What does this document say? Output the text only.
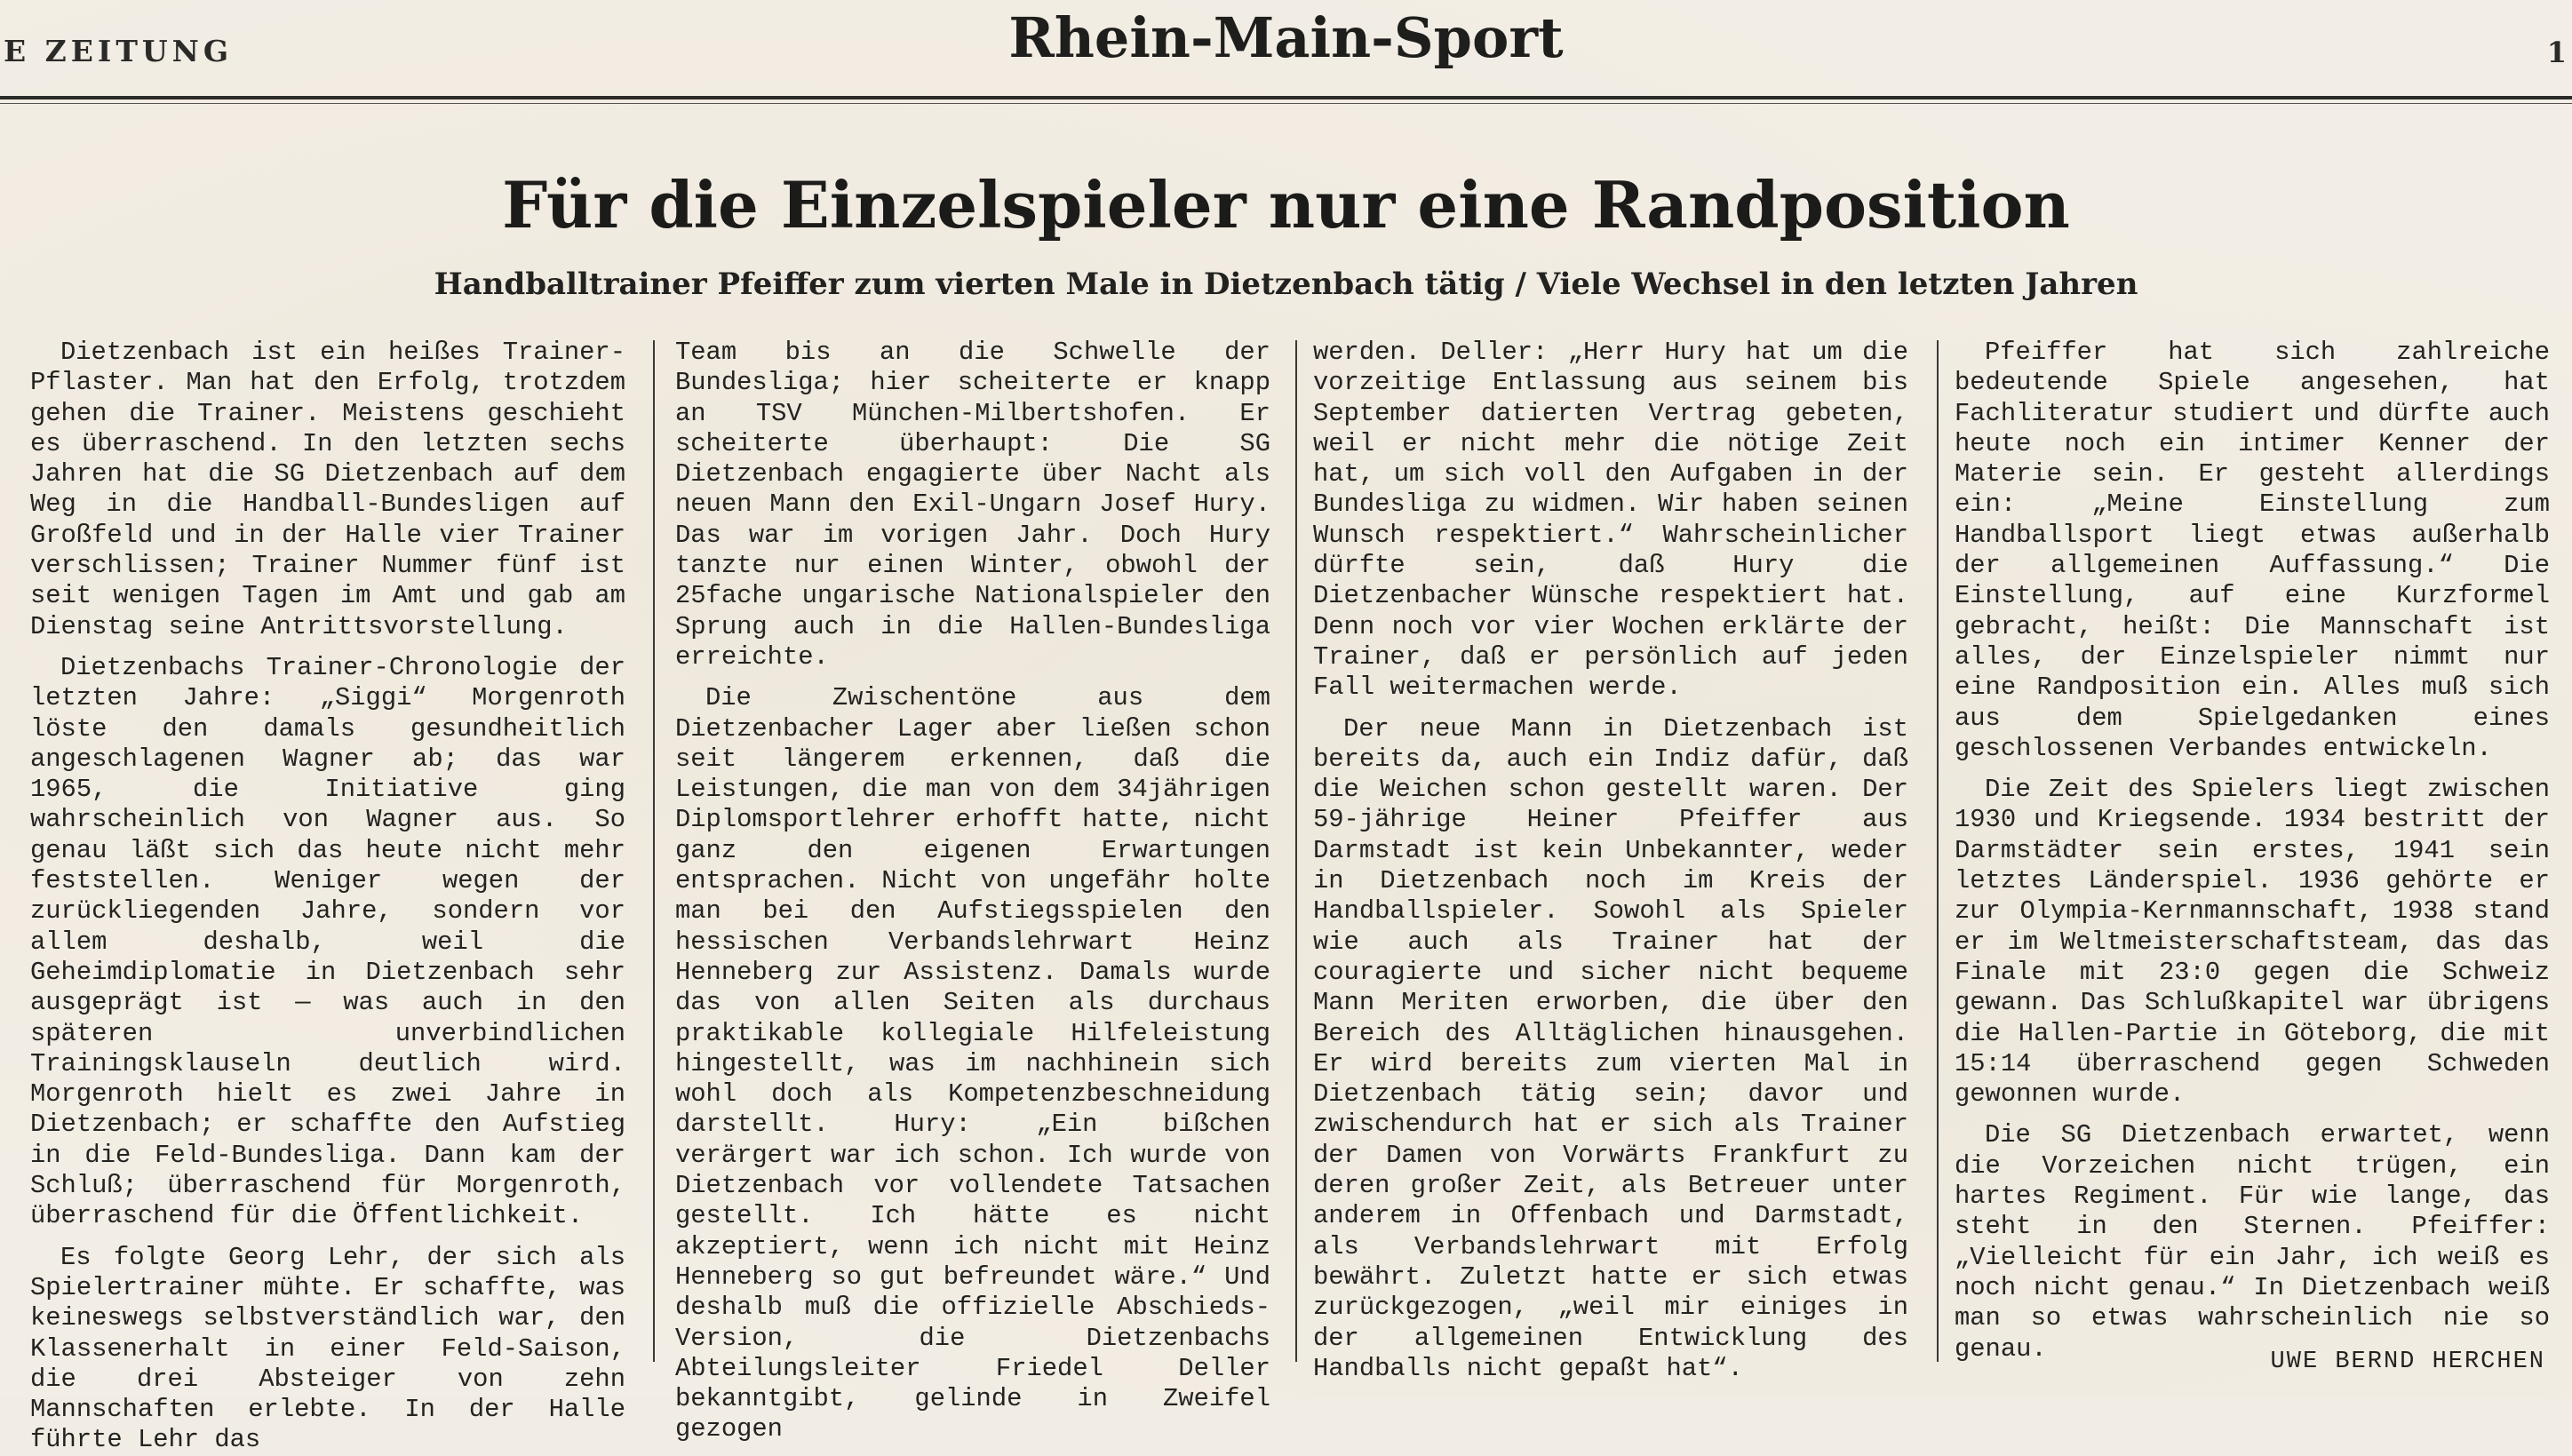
E ZEITUNG	Rhein-Main-Sport	1
Für die Einzelspieler nur eine Randposition
Handballtrainer Pfeiffer zum vierten Male in Dietzenbach tätig / Viele Wechsel in den letzten Jahren

Dietzenbach ist ein heißes Trainer-Pflaster. Man hat den Erfolg, trotzdem gehen die Trainer. Meistens geschieht es überraschend. In den letzten sechs Jahren hat die SG Dietzenbach auf dem Weg in die Handball-Bundesligen auf Großfeld und in der Halle vier Trainer verschlissen; Trainer Nummer fünf ist seit wenigen Tagen im Amt und gab am Dienstag seine Antrittsvorstellung.

Dietzenbachs Trainer-Chronologie der letzten Jahre: „Siggi“ Morgenroth löste den damals gesundheitlich angeschlagenen Wagner ab; das war 1965, die Initiative ging wahrscheinlich von Wagner aus. So genau läßt sich das heute nicht mehr feststellen. Weniger wegen der zurückliegenden Jahre, sondern vor allem deshalb, weil die Geheimdiplomatie in Dietzenbach sehr ausgeprägt ist — was auch in den späteren unverbindlichen Trainingsklauseln deutlich wird. Morgenroth hielt es zwei Jahre in Dietzenbach; er schaffte den Aufstieg in die Feld-Bundesliga. Dann kam der Schluß; überraschend für Morgenroth, überraschend für die Öffentlichkeit.

Es folgte Georg Lehr, der sich als Spielertrainer mühte. Er schaffte, was keineswegs selbstverständlich war, den Klassenerhalt in einer Feld-Saison, die drei Absteiger von zehn Mannschaften erlebte. In der Halle führte Lehr das

Team bis an die Schwelle der Bundesliga; hier scheiterte er knapp an TSV München-Milbertshofen. Er scheiterte überhaupt: Die SG Dietzenbach engagierte über Nacht als neuen Mann den Exil-Ungarn Josef Hury. Das war im vorigen Jahr. Doch Hury tanzte nur einen Winter, obwohl der 25fache ungarische Nationalspieler den Sprung auch in die Hallen-Bundesliga erreichte.

Die Zwischentöne aus dem Dietzenbacher Lager aber ließen schon seit längerem erkennen, daß die Leistungen, die man von dem 34jährigen Diplomsportlehrer erhofft hatte, nicht ganz den eigenen Erwartungen entsprachen. Nicht von ungefähr holte man bei den Aufstiegsspielen den hessischen Verbandslehrwart Heinz Henneberg zur Assistenz. Damals wurde das von allen Seiten als durchaus praktikable kollegiale Hilfeleistung hingestellt, was im nachhinein sich wohl doch als Kompetenzbeschneidung darstellt. Hury: „Ein bißchen verärgert war ich schon. Ich wurde von Dietzenbach vor vollendete Tatsachen gestellt. Ich hätte es nicht akzeptiert, wenn ich nicht mit Heinz Henneberg so gut befreundet wäre.“ Und deshalb muß die offizielle Abschieds-Version, die Dietzenbachs Abteilungsleiter Friedel Deller bekanntgibt, gelinde in Zweifel gezogen

werden. Deller: „Herr Hury hat um die vorzeitige Entlassung aus seinem bis September datierten Vertrag gebeten, weil er nicht mehr die nötige Zeit hat, um sich voll den Aufgaben in der Bundesliga zu widmen. Wir haben seinen Wunsch respektiert.“ Wahrscheinlicher dürfte sein, daß Hury die Dietzenbacher Wünsche respektiert hat. Denn noch vor vier Wochen erklärte der Trainer, daß er persönlich auf jeden Fall weitermachen werde.

Der neue Mann in Dietzenbach ist bereits da, auch ein Indiz dafür, daß die Weichen schon gestellt waren. Der 59-jährige Heiner Pfeiffer aus Darmstadt ist kein Unbekannter, weder in Dietzenbach noch im Kreis der Handballspieler. Sowohl als Spieler wie auch als Trainer hat der couragierte und sicher nicht bequeme Mann Meriten erworben, die über den Bereich des Alltäglichen hinausgehen. Er wird bereits zum vierten Mal in Dietzenbach tätig sein; davor und zwischendurch hat er sich als Trainer der Damen von Vorwärts Frankfurt zu deren großer Zeit, als Betreuer unter anderem in Offenbach und Darmstadt, als Verbandslehrwart mit Erfolg bewährt. Zuletzt hatte er sich etwas zurückgezogen, „weil mir einiges in der allgemeinen Entwicklung des Handballs nicht gepaßt hat“.

Pfeiffer hat sich zahlreiche bedeutende Spiele angesehen, hat Fachliteratur studiert und dürfte auch heute noch ein intimer Kenner der Materie sein. Er gesteht allerdings ein: „Meine Einstellung zum Handballsport liegt etwas außerhalb der allgemeinen Auffassung.“ Die Einstellung, auf eine Kurzformel gebracht, heißt: Die Mannschaft ist alles, der Einzelspieler nimmt nur eine Randposition ein. Alles muß sich aus dem Spielgedanken eines geschlossenen Verbandes entwickeln.

Die Zeit des Spielers liegt zwischen 1930 und Kriegsende. 1934 bestritt der Darmstädter sein erstes, 1941 sein letztes Länderspiel. 1936 gehörte er zur Olympia-Kernmannschaft, 1938 stand er im Weltmeisterschaftsteam, das das Finale mit 23:0 gegen die Schweiz gewann. Das Schlußkapitel war übrigens die Hallen-Partie in Göteborg, die mit 15:14 überraschend gegen Schweden gewonnen wurde.

Die SG Dietzenbach erwartet, wenn die Vorzeichen nicht trügen, ein hartes Regiment. Für wie lange, das steht in den Sternen. Pfeiffer: „Vielleicht für ein Jahr, ich weiß es noch nicht genau.“ In Dietzenbach weiß man so etwas wahrscheinlich nie so genau.	UWE BERND HERCHEN
